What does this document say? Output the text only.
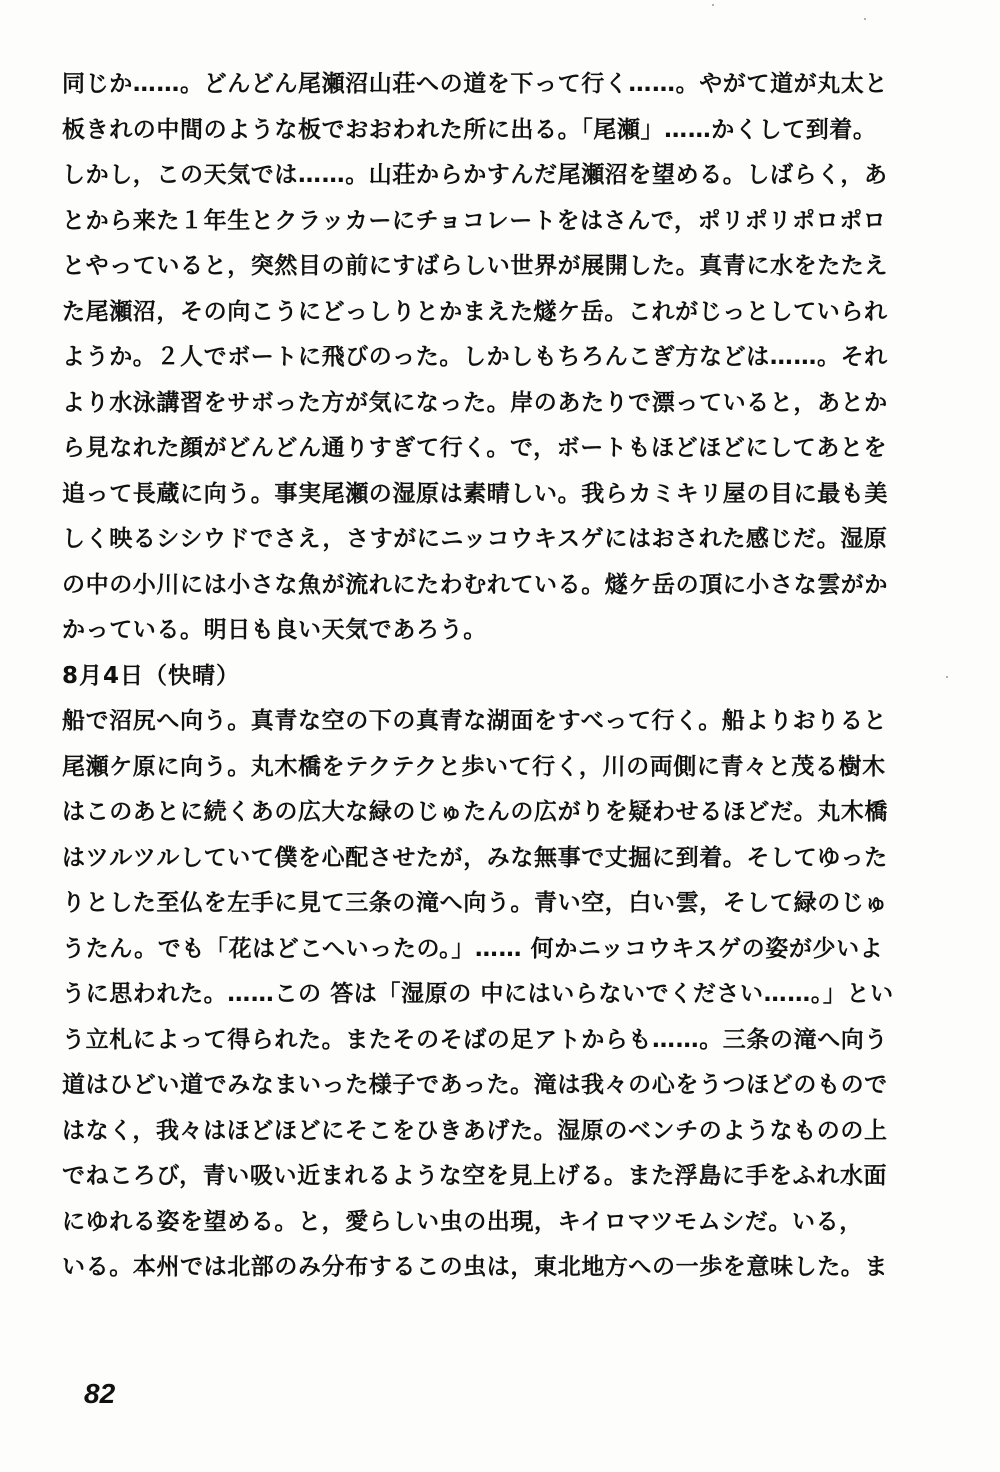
同じか……。どんどん尾瀬沼山荘への道を下って行く……。やがて道が丸太と
板きれの中間のような板でおおわれた所に出る。「尾瀬」……かくして到着。
しかし，この天気では……。山荘からかすんだ尾瀬沼を望める。しばらく，あ
とから来た１年生とクラッカーにチョコレートをはさんで，ポリポリポロポロ
とやっていると，突然目の前にすばらしい世界が展開した。真青に水をたたえ
た尾瀬沼，その向こうにどっしりとかまえた燧ケ岳。これがじっとしていられ
ようか。２人でボートに飛びのった。しかしもちろんこぎ方などは……。それ
より水泳講習をサボった方が気になった。岸のあたりで漂っていると，あとか
ら見なれた顔がどんどん通りすぎて行く。で，ボートもほどほどにしてあとを
追って長蔵に向う。事実尾瀬の湿原は素晴しい。我らカミキリ屋の目に最も美
しく映るシシウドでさえ，さすがにニッコウキスゲにはおされた感じだ。湿原
の中の小川には小さな魚が流れにたわむれている。燧ケ岳の頂に小さな雲がか
かっている。明日も良い天気であろう。
8月4日（快晴）
船で沼尻へ向う。真青な空の下の真青な湖面をすべって行く。船よりおりると
尾瀬ケ原に向う。丸木橋をテクテクと歩いて行く，川の両側に青々と茂る樹木
はこのあとに続くあの広大な緑のじゅたんの広がりを疑わせるほどだ。丸木橋
はツルツルしていて僕を心配させたが，みな無事で丈掘に到着。そしてゆった
りとした至仏を左手に見て三条の滝へ向う。青い空，白い雲，そして緑のじゅ
うたん。でも「花はどこへいったの。」…… 何かニッコウキスゲの姿が少いよ
うに思われた。……この 答は「湿原の 中にはいらないでください……。」とい
う立札によって得られた。またそのそばの足アトからも……。三条の滝へ向う
道はひどい道でみなまいった様子であった。滝は我々の心をうつほどのもので
はなく，我々はほどほどにそこをひきあげた。湿原のベンチのようなものの上
でねころび，青い吸い近まれるような空を見上げる。また浮島に手をふれ水面
にゆれる姿を望める。と，愛らしい虫の出現，キイロマツモムシだ。いる，
いる。本州では北部のみ分布するこの虫は，東北地方への一歩を意味した。ま
82
